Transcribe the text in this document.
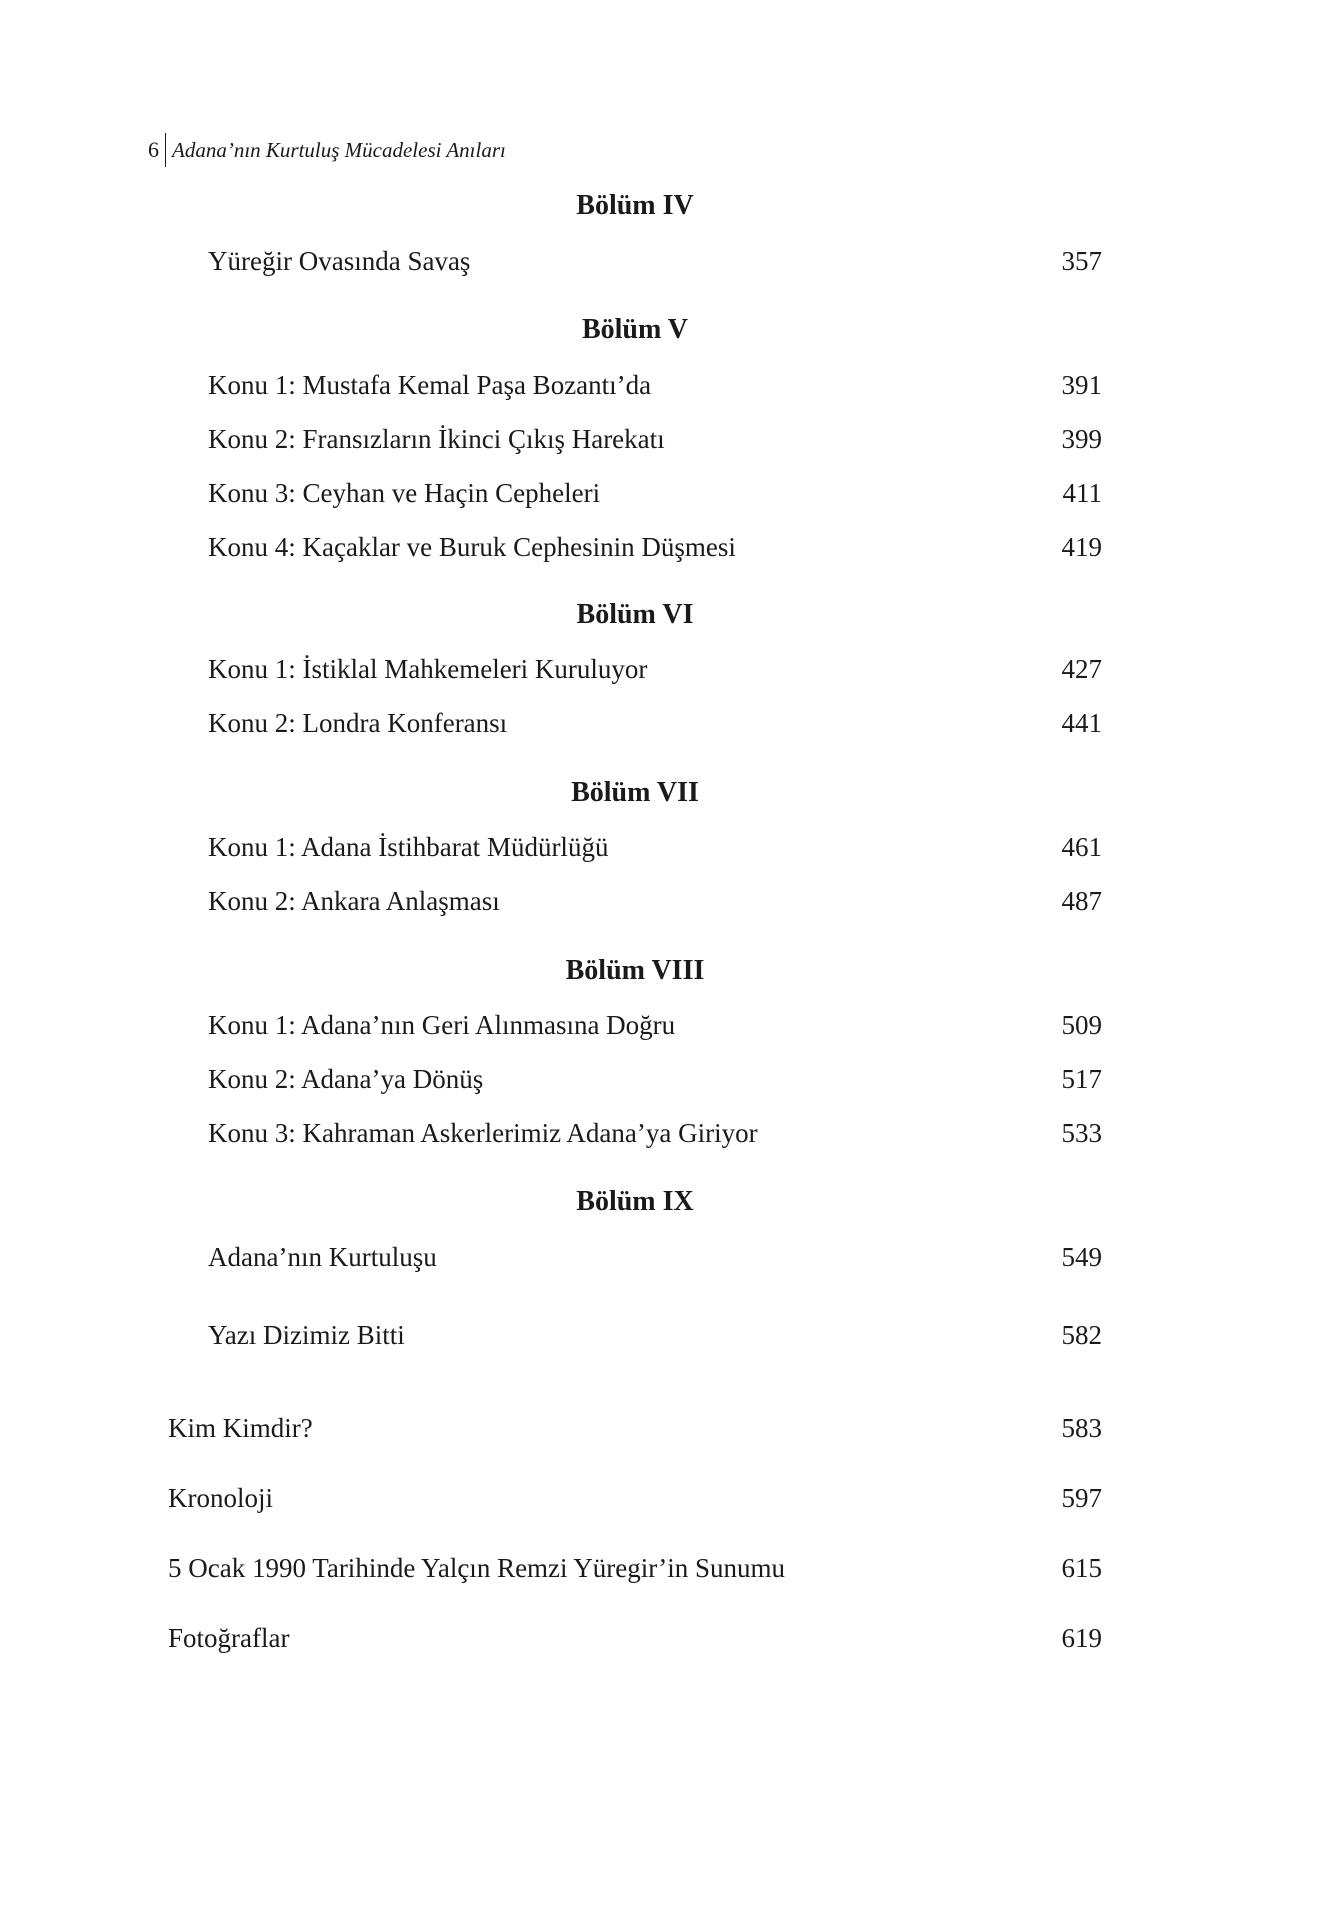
6 Adana’nın Kurtuluş Mücadelesi Anıları
Bölüm IV
Yüreğir Ovasında Savaş	357
Bölüm V
Konu 1: Mustafa Kemal Paşa Bozantı’da	391
Konu 2: Fransızların İkinci Çıkış Harekatı	399
Konu 3: Ceyhan ve Haçin Cepheleri	411
Konu 4: Kaçaklar ve Buruk Cephesinin Düşmesi	419
Bölüm VI
Konu 1: İstiklal Mahkemeleri Kuruluyor	427
Konu 2: Londra Konferansı	441
Bölüm VII
Konu 1: Adana İstihbarat Müdürlüğü	461
Konu 2: Ankara Anlaşması	487
Bölüm VIII
Konu 1: Adana’nın Geri Alınmasına Doğru	509
Konu 2: Adana’ya Dönüş	517
Konu 3: Kahraman Askerlerimiz Adana’ya Giriyor	533
Bölüm IX
Adana’nın Kurtuluşu	549
Yazı Dizimiz Bitti	582
Kim Kimdir?	583
Kronoloji	597
5 Ocak 1990 Tarihinde Yalçın Remzi Yüregir’in Sunumu	615
Fotoğraflar	619
